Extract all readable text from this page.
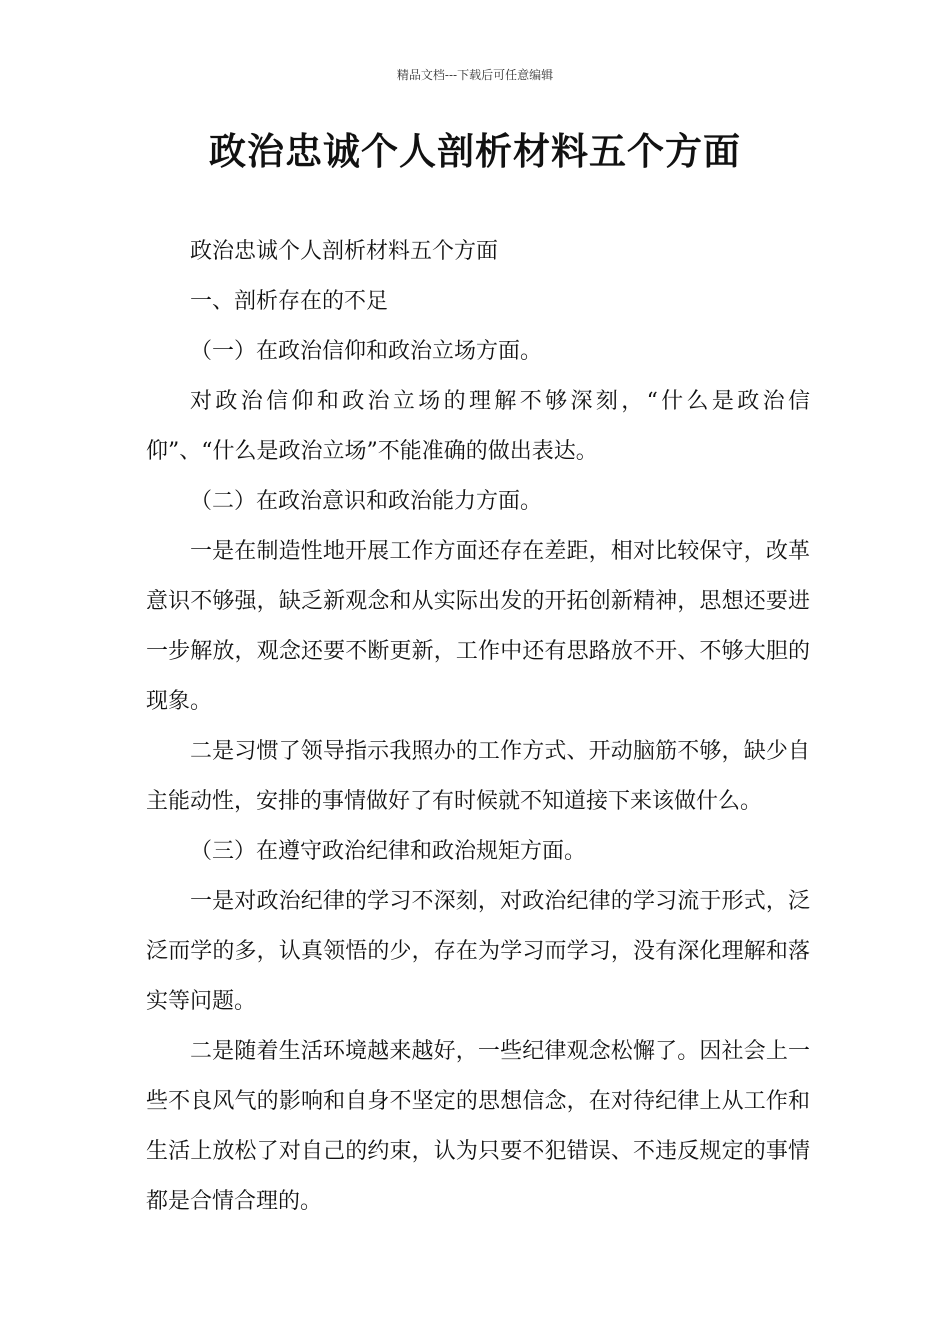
精品文档---下载后可任意编辑
政治忠诚个人剖析材料五个方面

政治忠诚个人剖析材料五个方面

一、剖析存在的不足

（一）在政治信仰和政治立场方面。

对政治信仰和政治立场的理解不够深刻，“什么是政治信仰”、“什么是政治立场”不能准确的做出表达。

（二）在政治意识和政治能力方面。

一是在制造性地开展工作方面还存在差距，相对比较保守，改革意识不够强，缺乏新观念和从实际出发的开拓创新精神，思想还要进一步解放，观念还要不断更新，工作中还有思路放不开、不够大胆的现象。

二是习惯了领导指示我照办的工作方式、开动脑筋不够，缺少自主能动性，安排的事情做好了有时候就不知道接下来该做什么。

（三）在遵守政治纪律和政治规矩方面。

一是对政治纪律的学习不深刻，对政治纪律的学习流于形式，泛泛而学的多，认真领悟的少，存在为学习而学习，没有深化理解和落实等问题。

二是随着生活环境越来越好，一些纪律观念松懈了。因社会上一些不良风气的影响和自身不坚定的思想信念，在对待纪律上从工作和生活上放松了对自己的约束，认为只要不犯错误、不违反规定的事情都是合情合理的。
